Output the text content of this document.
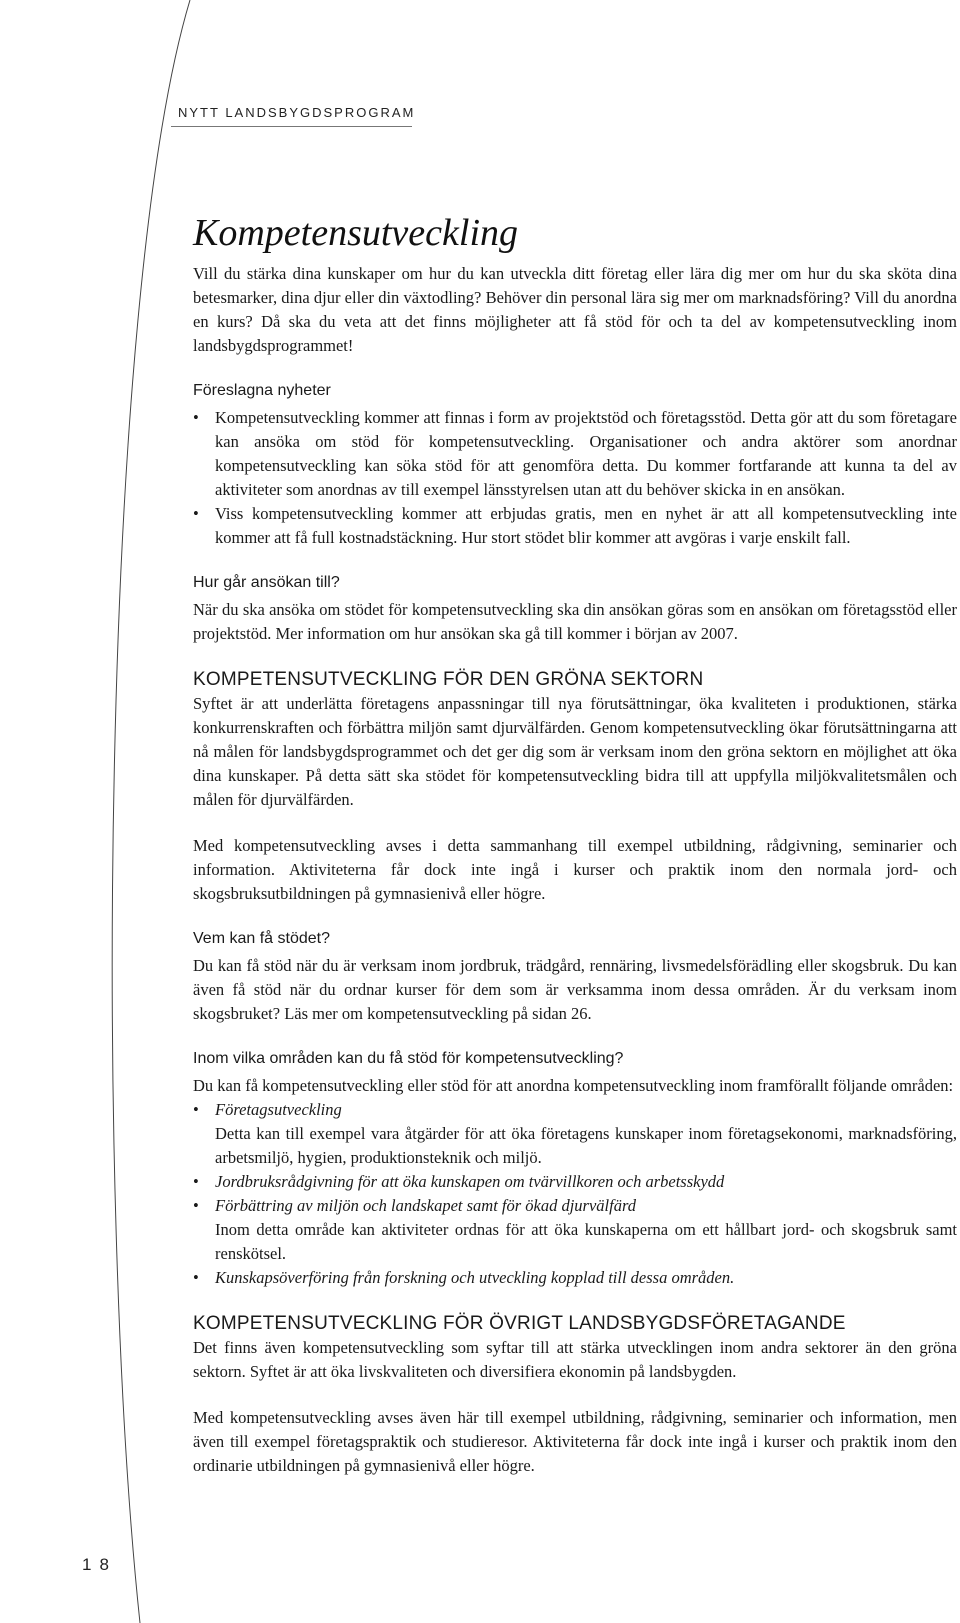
NYTT LANDSBYGDSPROGRAM
Kompetensutveckling

Vill du stärka dina kunskaper om hur du kan utveckla ditt företag eller lära dig mer om hur du ska sköta dina betesmarker, dina djur eller din växtodling? Behöver din personal lära sig mer om marknadsföring? Vill du anordna en kurs? Då ska du veta att det finns möjligheter att få stöd för och ta del av kompetensutveckling inom landsbygdsprogrammet!

Föreslagna nyheter
• Kompetensutveckling kommer att finnas i form av projektstöd och företagsstöd. Detta gör att du som företagare kan ansöka om stöd för kompetensutveckling. Organisationer och andra aktörer som anordnar kompetensutveckling kan söka stöd för att genomföra detta. Du kommer fortfarande att kunna ta del av aktiviteter som anordnas av till exempel länsstyrelsen utan att du behöver skicka in en ansökan.
• Viss kompetensutveckling kommer att erbjudas gratis, men en nyhet är att all kompetensutveckling inte kommer att få full kostnadstäckning. Hur stort stödet blir kommer att avgöras i varje enskilt fall.
Hur går ansökan till?

När du ska ansöka om stödet för kompetensutveckling ska din ansökan göras som en ansökan om företagsstöd eller projektstöd. Mer information om hur ansökan ska gå till kommer i början av 2007.

KOMPETENSUTVECKLING FÖR DEN GRÖNA SEKTORN

Syftet är att underlätta företagens anpassningar till nya förutsättningar, öka kvaliteten i produktionen, stärka konkurrenskraften och förbättra miljön samt djurvälfärden. Genom kompetensutveckling ökar förutsättningarna att nå målen för landsbygdsprogrammet och det ger dig som är verksam inom den gröna sektorn en möjlighet att öka dina kunskaper. På detta sätt ska stödet för kompetensutveckling bidra till att uppfylla miljökvalitetsmålen och målen för djurvälfärden.

Med kompetensutveckling avses i detta sammanhang till exempel utbildning, rådgivning, seminarier och information. Aktiviteterna får dock inte ingå i kurser och praktik inom den normala jord- och skogsbruksutbildningen på gymnasienivå eller högre.

Vem kan få stödet?

Du kan få stöd när du är verksam inom jordbruk, trädgård, rennäring, livsmedelsförädling eller skogsbruk. Du kan även få stöd när du ordnar kurser för dem som är verksamma inom dessa områden. Är du verksam inom skogsbruket? Läs mer om kompetensutveckling på sidan 26.

Inom vilka områden kan du få stöd för kompetensutveckling?

Du kan få kompetensutveckling eller stöd för att anordna kompetensutveckling inom framförallt följande områden:

• Företagsutveckling
Detta kan till exempel vara åtgärder för att öka företagens kunskaper inom företagsekonomi, marknadsföring, arbetsmiljö, hygien, produktionsteknik och miljö.
• Jordbruksrådgivning för att öka kunskapen om tvärvillkoren och arbetsskydd
• Förbättring av miljön och landskapet samt för ökad djurvälfärd
Inom detta område kan aktiviteter ordnas för att öka kunskaperna om ett hållbart jord- och skogsbruk samt renskötsel.
• Kunskapsöverföring från forskning och utveckling kopplad till dessa områden.
KOMPETENSUTVECKLING FÖR ÖVRIGT LANDSBYGDSFÖRETAGANDE

Det finns även kompetensutveckling som syftar till att stärka utvecklingen inom andra sektorer än den gröna sektorn. Syftet är att öka livskvaliteten och diversifiera ekonomin på landsbygden.

Med kompetensutveckling avses även här till exempel utbildning, rådgivning, seminarier och information, men även till exempel företagspraktik och studieresor. Aktiviteterna får dock inte ingå i kurser och praktik inom den ordinarie utbildningen på gymnasienivå eller högre.

18
